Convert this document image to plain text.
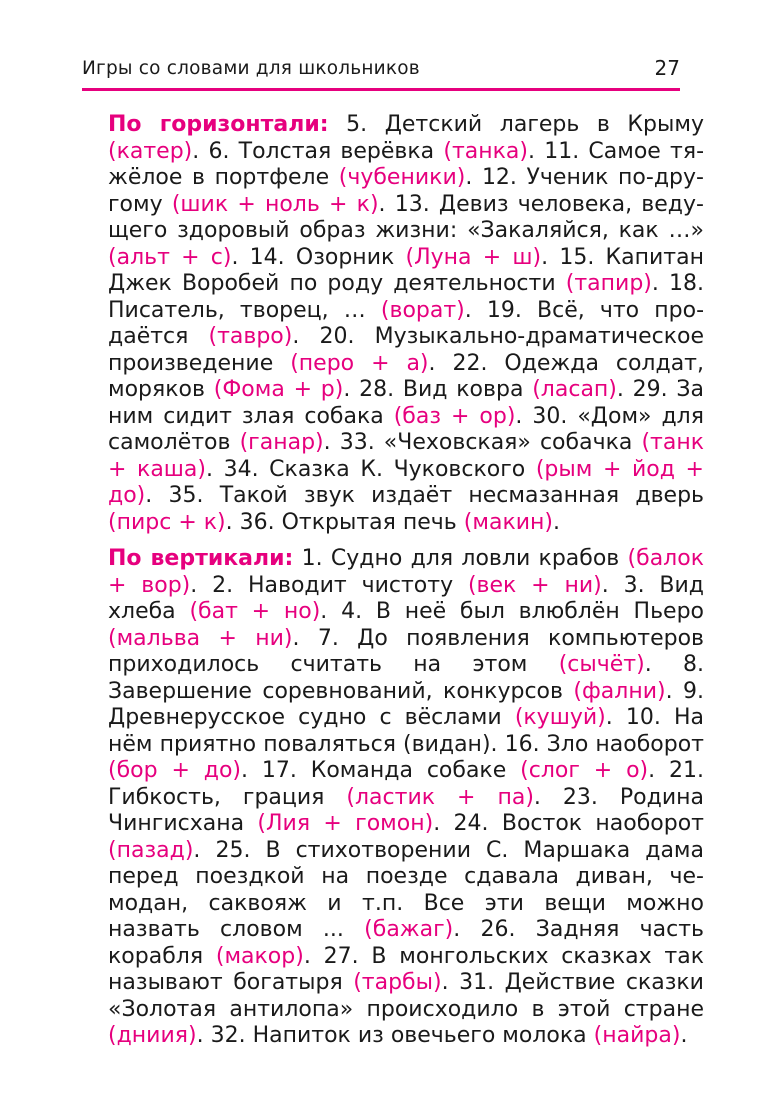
Игры со словами для школьников	27
По горизонтали: 5. Детский лагерь в Крыму (катер). 6. Толстая верёвка (танка). 11. Самое тяжёлое в портфеле (чубеники). 12. Ученик по-другому (шик + ноль + к). 13. Девиз человека, ведущего здоровый образ жизни: «Закаляйся, как …» (альт + с). 14. Озорник (Луна + ш). 15. Капитан Джек Воробей по роду деятельности (тапир). 18. Писатель, творец, … (ворат). 19. Всё, что продаётся (тавро). 20. Музыкально-драматическое произведение (перо + а). 22. Одежда солдат, моряков (Фома + р). 28. Вид ковра (ласап). 29. За ним сидит злая собака (баз + ор). 30. «Дом» для самолётов (ганар). 33. «Чеховская» собачка (танк + каша). 34. Сказка К. Чуковского (рым + йод + до). 35. Такой звук издаёт несмазанная дверь (пирс + к). 36. Открытая печь (макин).
По вертикали: 1. Судно для ловли крабов (балок + вор). 2. Наводит чистоту (век + ни). 3. Вид хлеба (бат + но). 4. В неё был влюблён Пьеро (мальва + ни). 7. До появления компьютеров приходилось считать на этом (сычёт). 8. Завершение соревнований, конкурсов (фални). 9. Древнерусское судно с вёслами (кушуй). 10. На нём приятно поваляться (видан). 16. Зло наоборот (бор + до). 17. Команда собаке (слог + о). 21. Гибкость, грация (ластик + па). 23. Родина Чингисхана (Лия + гомон). 24. Восток наоборот (пазад). 25. В стихотворении С. Маршака дама перед поездкой на поезде сдавала диван, чемодан, саквояж и т.п. Все эти вещи можно назвать словом ... (бажаг). 26. Задняя часть корабля (макор). 27. В монгольских сказках так называют богатыря (тарбы). 31. Действие сказки «Золотая антилопа» происходило в этой стране (дниия). 32. Напиток из овечьего молока (найра).
